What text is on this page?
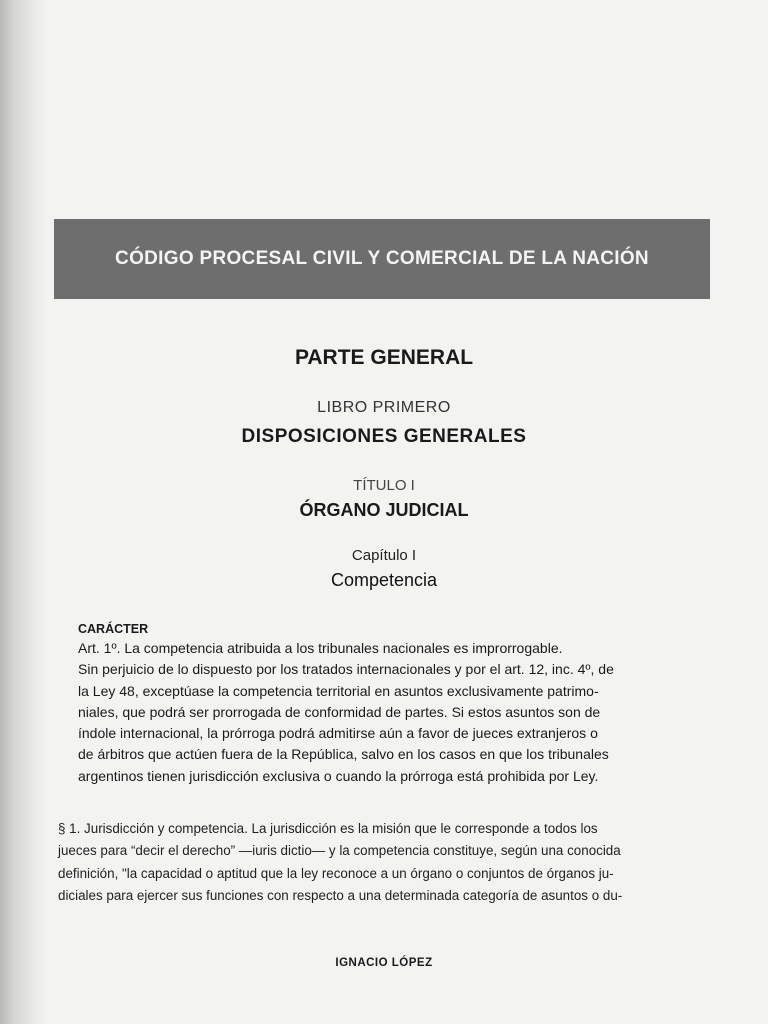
CÓDIGO PROCESAL CIVIL Y COMERCIAL DE LA NACIÓN
PARTE GENERAL
LIBRO PRIMERO
DISPOSICIONES GENERALES
TÍTULO I
ÓRGANO JUDICIAL
Capítulo I
Competencia
CARÁCTER
Art. 1º. La competencia atribuida a los tribunales nacionales es improrrogable.
Sin perjuicio de lo dispuesto por los tratados internacionales y por el art. 12, inc. 4º, de
la Ley 48, exceptúase la competencia territorial en asuntos exclusivamente patrimo-
niales, que podrá ser prorrogada de conformidad de partes. Si estos asuntos son de
índole internacional, la prórroga podrá admitirse aún a favor de jueces extranjeros o
de árbitros que actúen fuera de la República, salvo en los casos en que los tribunales
argentinos tienen jurisdicción exclusiva o cuando la prórroga está prohibida por Ley.
§ 1. Jurisdicción y competencia. La jurisdicción es la misión que le corresponde a todos los
jueces para “decir el derecho” —iuris dictio— y la competencia constituye, según una conocida
definición, "la capacidad o aptitud que la ley reconoce a un órgano o conjuntos de órganos ju-
diciales para ejercer sus funciones con respecto a una determinada categoría de asuntos o du-
IGNACIO LÓPEZ
